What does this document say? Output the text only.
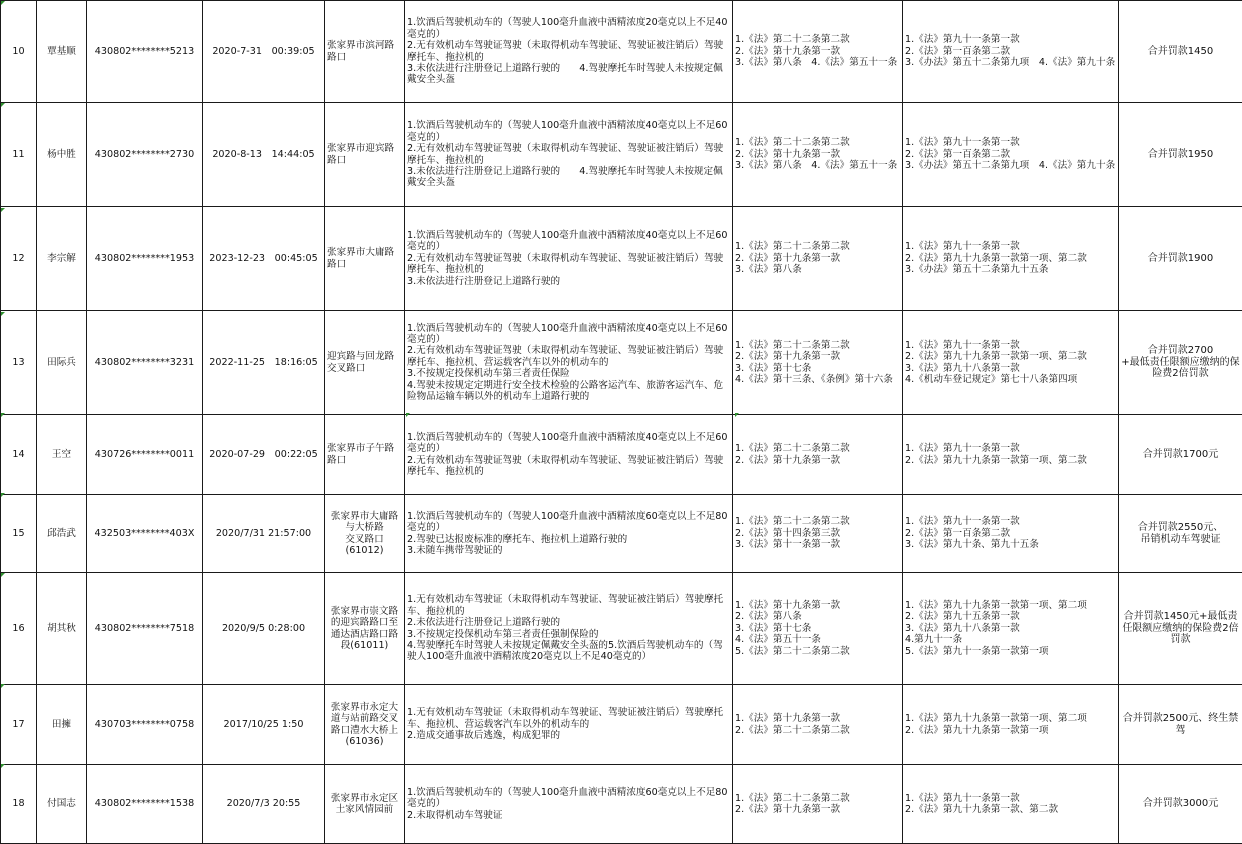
10	覃基顺	430802********5213	2020-7-31　00:39:05	张家界市滨河路路口	1.饮酒后驾驶机动车的（驾驶人100毫升血液中酒精浓度20毫克以上不足40毫克的）
2.无有效机动车驾驶证驾驶（未取得机动车驾驶证、驾驶证被注销后）驾驶摩托车、拖拉机的
3.未依法进行注册登记上道路行驶的　　4.驾驶摩托车时驾驶人未按规定佩戴安全头盔	1.《法》第二十二条第二款
2.《法》第十九条第一款
3.《法》第八条　4.《法》第五十一条	1.《法》第九十一条第一款
2.《法》第一百条第二款
3.《办法》第五十二条第九项　4.《法》第九十条	合并罚款1450

11	杨中胜	430802********2730	2020-8-13　14:44:05	张家界市迎宾路路口	1.饮酒后驾驶机动车的（驾驶人100毫升血液中酒精浓度40毫克以上不足60毫克的）
2.无有效机动车驾驶证驾驶（未取得机动车驾驶证、驾驶证被注销后）驾驶摩托车、拖拉机的
3.未依法进行注册登记上道路行驶的　　4.驾驶摩托车时驾驶人未按规定佩戴安全头盔	1.《法》第二十二条第二款
2.《法》第十九条第一款
3.《法》第八条　4.《法》第五十一条	1.《法》第九十一条第一款
2.《法》第一百条第二款
3.《办法》第五十二条第九项　4.《法》第九十条	合并罚款1950

12	李宗解	430802********1953	2023-12-23　00:45:05	张家界市大庸路路口	1.饮酒后驾驶机动车的（驾驶人100毫升血液中酒精浓度40毫克以上不足60毫克的）
2.无有效机动车驾驶证驾驶（未取得机动车驾驶证、驾驶证被注销后）驾驶摩托车、拖拉机的
3.未依法进行注册登记上道路行驶的	1.《法》第二十二条第二款
2.《法》第十九条第一款
3.《法》第八条	1.《法》第九十一条第一款
2.《法》第九十九条第一款第一项、第二款
3.《办法》第五十二条第九十五条	合并罚款1900

13	田际兵	430802********3231	2022-11-25　18:16:05	迎宾路与回龙路交叉路口	1.饮酒后驾驶机动车的（驾驶人100毫升血液中酒精浓度40毫克以上不足60毫克的）
2.无有效机动车驾驶证驾驶（未取得机动车驾驶证、驾驶证被注销后）驾驶摩托车、拖拉机、营运载客汽车以外的机动车的
3.不按规定投保机动车第三者责任保险
4.驾驶未按规定定期进行安全技术检验的公路客运汽车、旅游客运汽车、危险物品运输车辆以外的机动车上道路行驶的	1.《法》第二十二条第二款
2.《法》第十九条第一款
3.《法》第十七条
4.《法》第十三条、《条例》第十六条	1.《法》第九十一条第一款
2.《法》第九十九条第一款第一项、第二款
3.《法》第九十八条第一款
4.《机动车登记规定》第七十八条第四项	合并罚款2700
+最低责任限额应缴纳的保险费2倍罚款

14	王空	430726********0011	2020-07-29　00:22:05	张家界市子午路路口	1.饮酒后驾驶机动车的（驾驶人100毫升血液中酒精浓度40毫克以上不足60毫克的）
2.无有效机动车驾驶证驾驶（未取得机动车驾驶证、驾驶证被注销后）驾驶摩托车、拖拉机的	1.《法》第二十二条第二款
2.《法》第十九条第一款	1.《法》第九十一条第一款
2.《法》第九十九条第一款第一项、第二款	合并罚款1700元

15	邱浩武	432503********403X	2020/7/31 21:57:00	张家界市大庸路
与大桥路
交叉路口
(61012)	1.饮酒后驾驶机动车的（驾驶人100毫升血液中酒精浓度60毫克以上不足80毫克的）
2.驾驶已达报废标准的摩托车、拖拉机上道路行驶的
3.未随车携带驾驶证的	1.《法》第二十二条第二款
2.《法》第十四条第三款
3.《法》第十一条第一款	1.《法》第九十一条第一款
2.《法》第一百条第二款
3.《法》第九十条、第九十五条	合并罚款2550元、
吊销机动车驾驶证

16	胡其秋	430802********7518	2020/9/5 0:28:00	张家界市崇文路
的迎宾路路口至
通达酒店路口路
段(61011)	1.无有效机动车驾驶证（未取得机动车驾驶证、驾驶证被注销后）驾驶摩托车、拖拉机的
2.未依法进行注册登记上道路行驶的
3.不按规定投保机动车第三者责任强制保险的
4.驾驶摩托车时驾驶人未按规定佩戴安全头盔的5.饮酒后驾驶机动车的（驾驶人100毫升血液中酒精浓度20毫克以上不足40毫克的）	1.《法》第十九条第一款
2.《法》第八条
3.《法》第十七条
4.《法》第五十一条
5.《法》第二十二条第二款	1.《法》第九十九条第一款第一项、第二项
2.《法》第九十五条第一款
3.《法》第九十八条第一款
4.第九十一条
5.《法》第九十一条第一款第一项	合并罚款1450元+最低责任限额应缴纳的保险费2倍罚款

17	田擁	430703********0758	2017/10/25 1:50	张家界市永定大
道与站前路交叉
路口澧水大桥上
(61036)	1.无有效机动车驾驶证（未取得机动车驾驶证、驾驶证被注销后）驾驶摩托车、拖拉机、营运载客汽车以外的机动车的
2.造成交通事故后逃逸，构成犯罪的	1.《法》第十九条第一款
2.《法》第二十二条第二款	1.《法》第九十九条第一款第一项、第二项
2.《法》第九十九条第一款第一项	合并罚款2500元、终生禁驾

18	付国志	430802********1538	2020/7/3 20:55	张家界市永定区
土家风情园前	1.饮酒后驾驶机动车的（驾驶人100毫升血液中酒精浓度60毫克以上不足80毫克的）
2.未取得机动车驾驶证	1.《法》第二十二条第二款
2.《法》第十九条第一款	1.《法》第九十一条第一款
2.《法》第九十九条第一款、第二款	合并罚款3000元
